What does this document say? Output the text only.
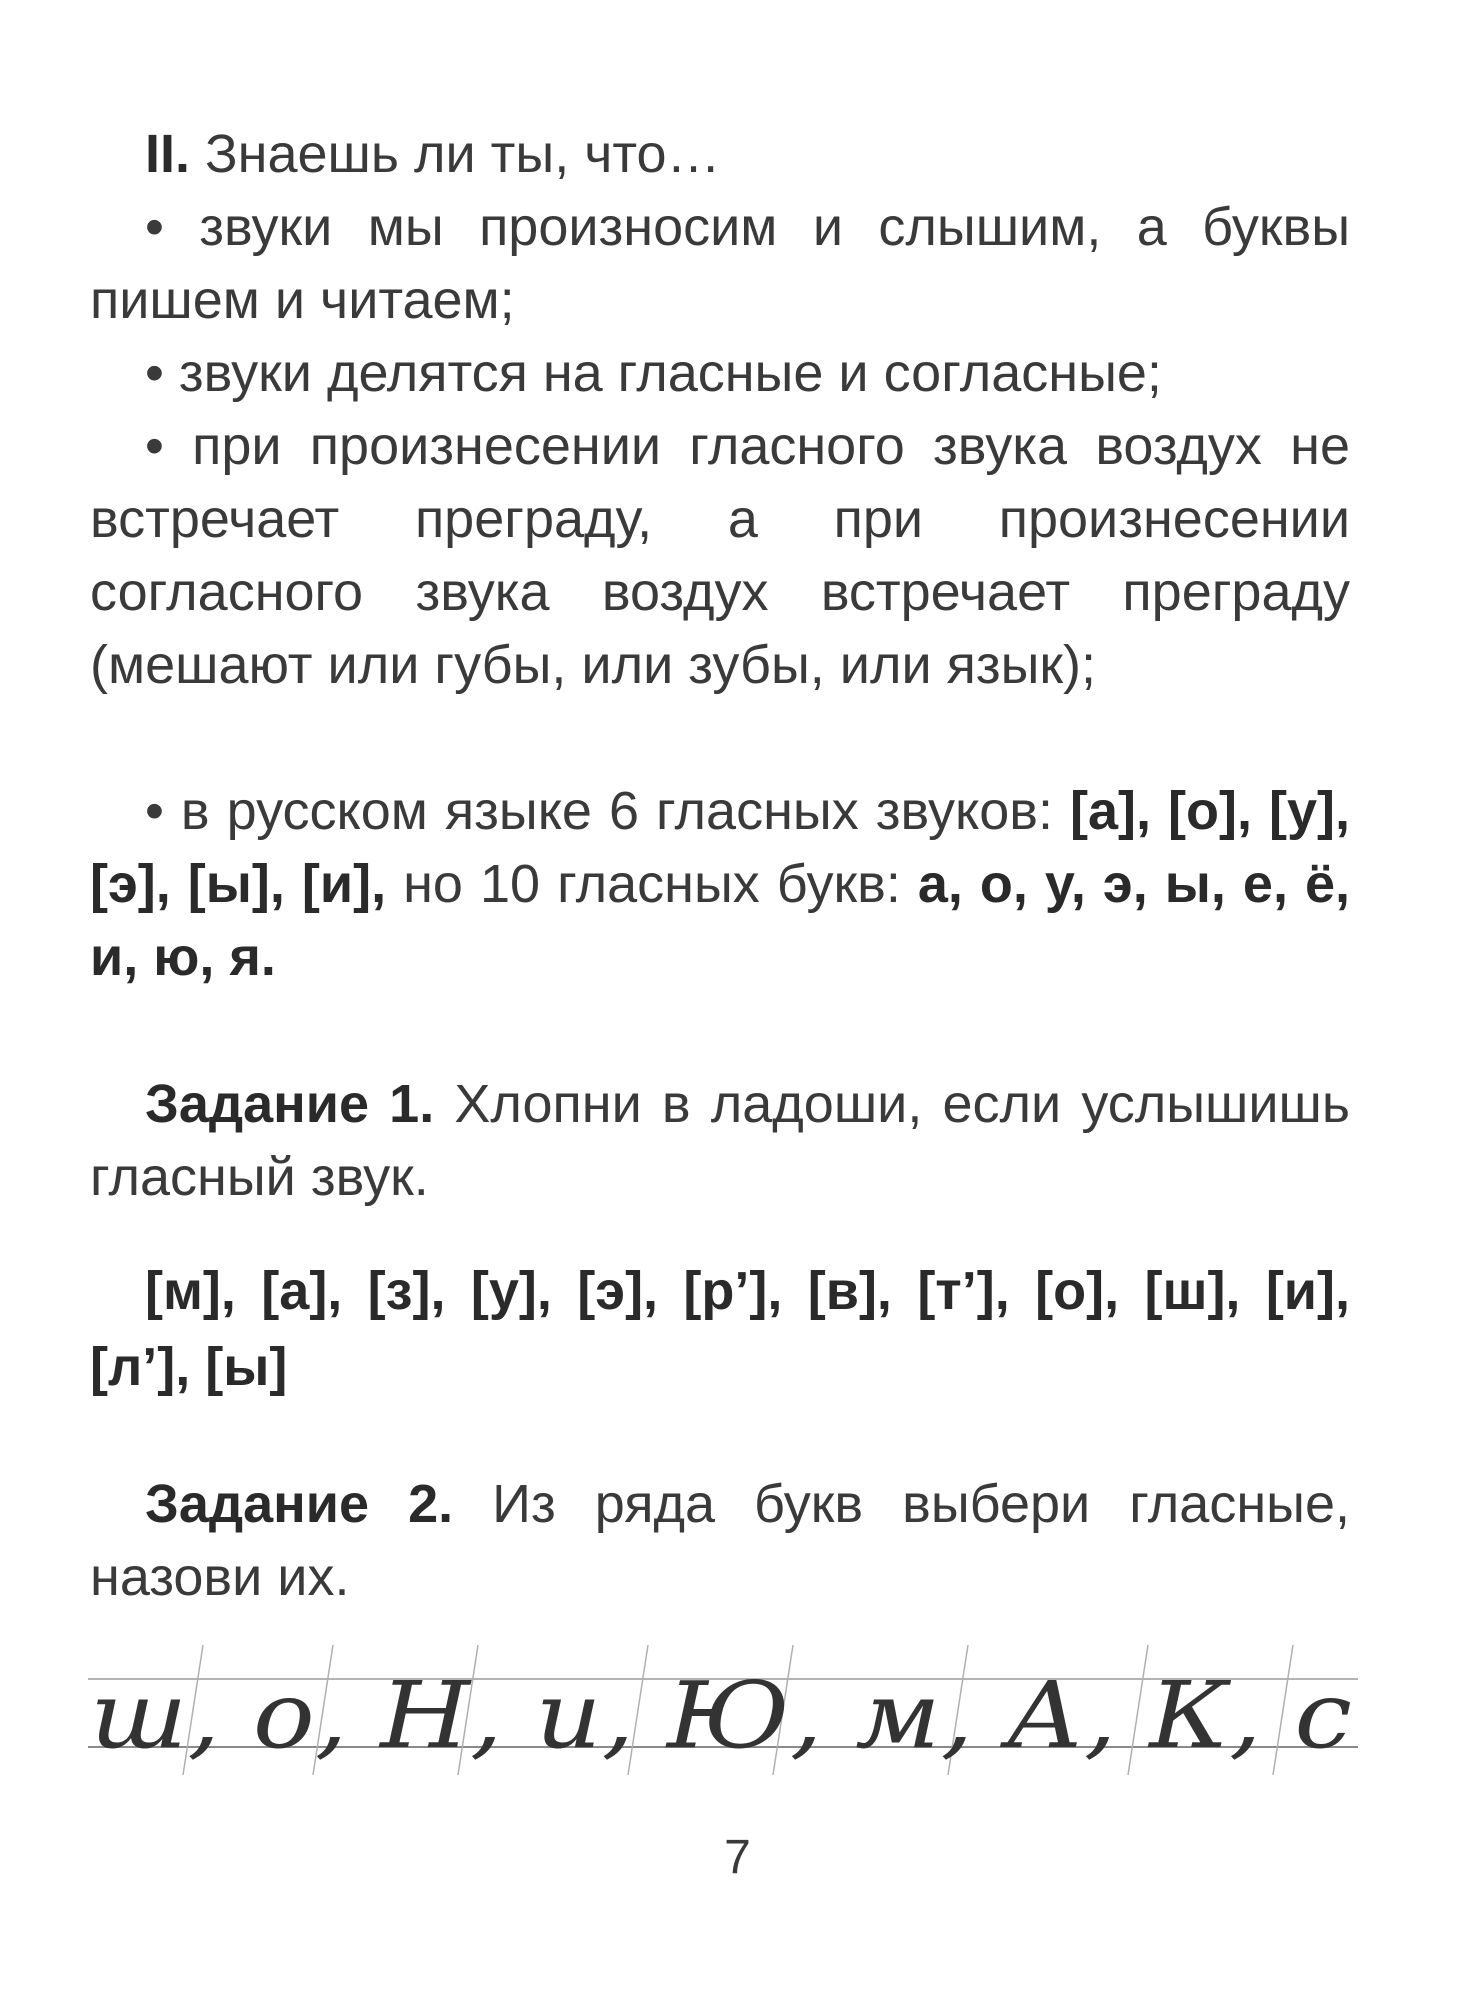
II. Знаешь ли ты, что…

• звуки мы произносим и слышим, а буквы пишем и читаем;

• звуки делятся на гласные и согласные;

• при произнесении гласного звука воздух не встречает преграду, а при произнесении согласного звука воздух встречает преграду (мешают или губы, или зубы, или язык);

• в русском языке 6 гласных звуков: [а], [о], [у], [э], [ы], [и], но 10 гласных букв: а, о, у, э, ы, е, ё, и, ю, я.

Задание 1. Хлопни в ладоши, если услышишь гласный звук.

[м], [а], [з], [у], [э], [р’], [в], [т’], [о], [ш], [и], [л’], [ы]

Задание 2. Из ряда букв выбери гласные, назови их.

ш, о, Н, и, Ю, м, А, К, с
7
